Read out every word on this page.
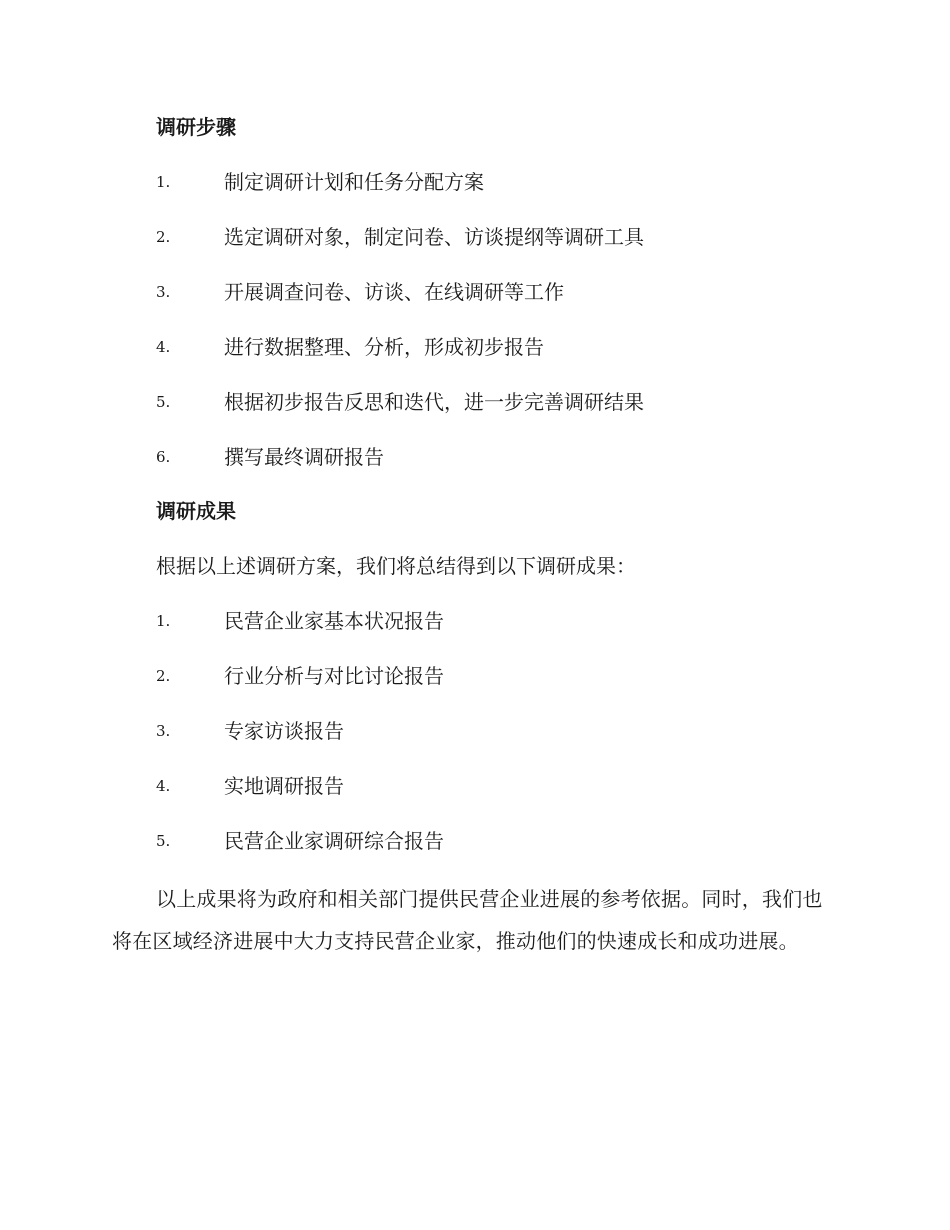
调研步骤
1.	制定调研计划和任务分配方案
2.	选定调研对象，制定问卷、访谈提纲等调研工具
3.	开展调查问卷、访谈、在线调研等工作
4.	进行数据整理、分析，形成初步报告
5.	根据初步报告反思和迭代，进一步完善调研结果
6.	撰写最终调研报告
调研成果
根据以上述调研方案，我们将总结得到以下调研成果：
1.	民营企业家基本状况报告
2.	行业分析与对比讨论报告
3.	专家访谈报告
4.	实地调研报告
5.	民营企业家调研综合报告
以上成果将为政府和相关部门提供民营企业进展的参考依据。同时，我们也将在区域经济进展中大力支持民营企业家，推动他们的快速成长和成功进展。
